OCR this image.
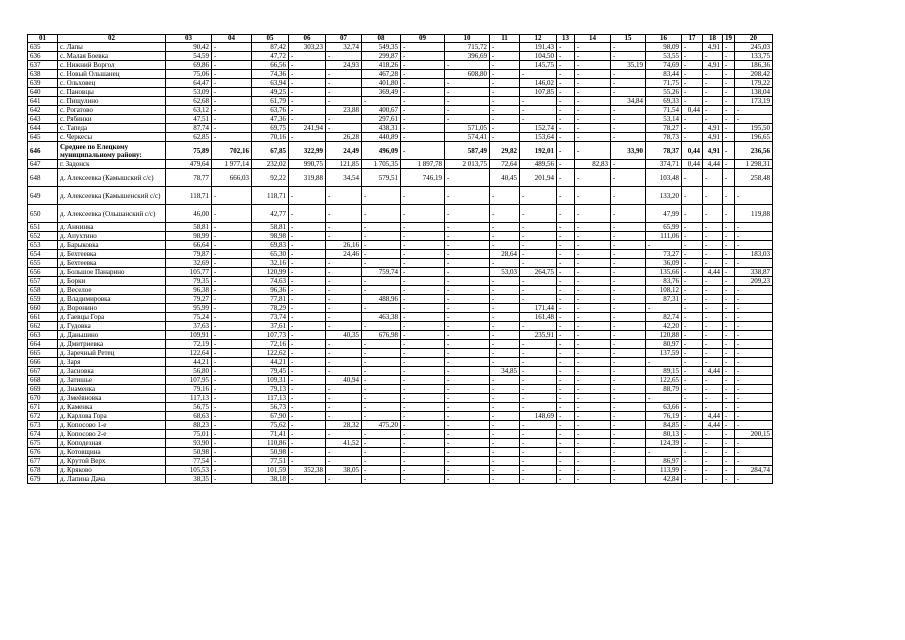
01	02	03	04	05	06	07	08	09	10	11	12	13	14	15	16	17	18	19	20
635	с. Лапы	90,42	-	87,42	303,23	32,74	549,35	-	715,72	-	191,43	-	-	-	98,09	-	4,91	-	245,03
636	с. Малая Боевка	54,59	-	47,72	-	-	299,87	-	396,69	-	104,50	-	-	-	53,55	-	-	-	133,75
637	с. Нижний Воргол	69,86	-	66,56	-	24,93	418,26	-	-	-	145,75	-	-	35,19	74,69	-	4,91	-	186,36
638	с. Новый Ольшанец	75,06	-	74,36	-	-	467,28	-	608,80	-	-	-	-	-	83,44	-	-	-	208,42
639	с. Ольховец	64,47	-	63,94	-	-	401,80	-	-	-	146,02	-	-	-	71,75	-	-	-	179,22
640	с. Пановцы	53,09	-	49,25	-	-	369,49	-	-	-	107,85	-	-	-	55,26	-	-	-	138,04
641	с. Пищулино	62,68	-	61,79	-	-	-	-	-	-	-	-	-	34,84	69,33	-	-	-	173,19
642	с. Рогатово	63,12	-	63,76	-	23,88	400,67	-	-	-	-	-	-	-	71,54	0,44	-	-	-
643	с. Рябинки	47,51	-	47,36	-	-	297,61	-	-	-	-	-	-	-	53,14	-	-	-	-
644	с. Тапеда	87,74	-	69,75	241,94	-	438,31	-	571,05	-	152,74	-	-	-	78,27	-	4,91	-	195,50
645	с. Черкесы	62,85	-	70,16	-	26,28	440,89	-	574,41	-	153,64	-	-	-	78,73	-	4,91	-	196,65
646	Среднее по Елецкому муниципальному району:	75,89	702,16	67,85	322,99	24,49	496,09	-	587,49	29,82	192,01	-	-	33,90	78,37	0,44	4,91	-	236,56
647	г. Задонск	479,64	1 977,14	232,02	990,75	121,85	1 705,35	1 897,78	2 013,75	72,64	489,56	-	82,83	-	374,71	0,44	4,44	-	1 298,31
648	д. Алексеевка (Камышский с/с)	78,77	666,03	92,22	319,88	34,54	579,51	746,19	-	40,45	201,94	-	-	-	103,48	-	-	-	258,48
649	д. Алексеевка (Камышенский с/с)	118,71	-	118,71	-	-	-	-	-	-	-	-	-	-	133,20	-	-	-	-
650	д. Алексеевка (Ольшанский с/с)	46,00	-	42,77	-	-	-	-	-	-	-	-	-	-	47,99	-	-	-	119,88
651	д. Аннинка	58,81	-	58,81	-	-	-	-	-	-	-	-	-	-	65,99	-	-	-	-
652	д. Апухтино	98,99	-	98,98	-	-	-	-	-	-	-	-	-	-	111,06	-	-	-	-
653	д. Барыковка	66,64	-	69,83	-	26,16	-	-	-	-	-	-	-	-	-	-	-	-	-
654	д. Бехтеевка	79,87	-	65,30	-	24,46	-	-	-	28,64	-	-	-	-	73,27	-	-	-	183,03
655	д. Бехтеевка	32,69	-	32,16	-	-	-	-	-	-	-	-	-	-	36,09	-	-	-	-
656	д. Большое Панарино	105,77	-	120,99	-	-	759,74	-	-	53,03	264,75	-	-	-	135,66	-	4,44	-	338,87
657	д. Борки	79,35	-	74,63	-	-	-	-	-	-	-	-	-	-	83,76	-	-	-	209,23
658	д. Веселое	96,38	-	96,36	-	-	-	-	-	-	-	-	-	-	108,12	-	-	-	-
659	д. Владимировка	79,27	-	77,81	-	-	488,96	-	-	-	-	-	-	-	87,31	-	-	-	-
660	д. Воронино	95,99	-	78,29	-	-	-	-	-	-	171,44	-	-	-	-	-	-	-	-
661	д. Гаевцы Гора	75,24	-	73,74	-	-	463,38	-	-	-	161,48	-	-	-	82,74	-	-	-	-
662	д. Гудовка	37,63	-	37,61	-	-	-	-	-	-	-	-	-	-	42,20	-	-	-	-
663	д. Даньшино	109,91	-	107,73	-	40,35	676,98	-	-	-	235,91	-	-	-	120,88	-	-	-	-
664	д. Дмитриевка	72,19	-	72,16	-	-	-	-	-	-	-	-	-	-	80,97	-	-	-	-
665	д. Заречный Ретец	122,64	-	122,62	-	-	-	-	-	-	-	-	-	-	137,59	-	-	-	-
666	д. Заря	44,21	-	44,21	-	-	-	-	-	-	-	-	-	-	-	-	-	-	-
667	д. Засновка	56,80	-	79,45	-	-	-	-	-	34,85	-	-	-	-	89,15	-	4,44	-	-
668	д. Затишье	107,95	-	109,31	-	40,94	-	-	-	-	-	-	-	-	122,65	-	-	-	-
669	д. Знаменка	79,16	-	79,13	-	-	-	-	-	-	-	-	-	-	88,79	-	-	-	-
670	д. Змеёвновка	117,13	-	117,13	-	-	-	-	-	-	-	-	-	-	-	-	-	-	-
671	д. Каменка	56,75	-	56,73	-	-	-	-	-	-	-	-	-	-	63,66	-	-	-	-
672	д. Карлова Гора	68,63	-	67,90	-	-	-	-	-	-	148,69	-	-	-	76,19	-	4,44	-	-
673	д. Копосово 1-е	88,23	-	75,62	-	28,32	475,20	-	-	-	-	-	-	-	84,85	-	4,44	-	-
674	д. Копосово 2-е	75,01	-	71,41	-	-	-	-	-	-	-	-	-	-	80,13	-	-	-	200,15
675	д. Коподезная	93,90	-	110,86	-	41,52	-	-	-	-	-	-	-	-	124,39	-	-	-	-
676	д. Котовщина	50,98	-	50,98	-	-	-	-	-	-	-	-	-	-	-	-	-	-	-
677	д. Крутой Верх	77,54	-	77,51	-	-	-	-	-	-	-	-	-	-	86,97	-	-	-	-
678	д. Кряково	105,53	-	101,59	352,38	38,05	-	-	-	-	-	-	-	-	113,99	-	-	-	284,74
679	д. Лапина Дача	38,35	-	38,18	-	-	-	-	-	-	-	-	-	-	42,84	-	-	-	-
